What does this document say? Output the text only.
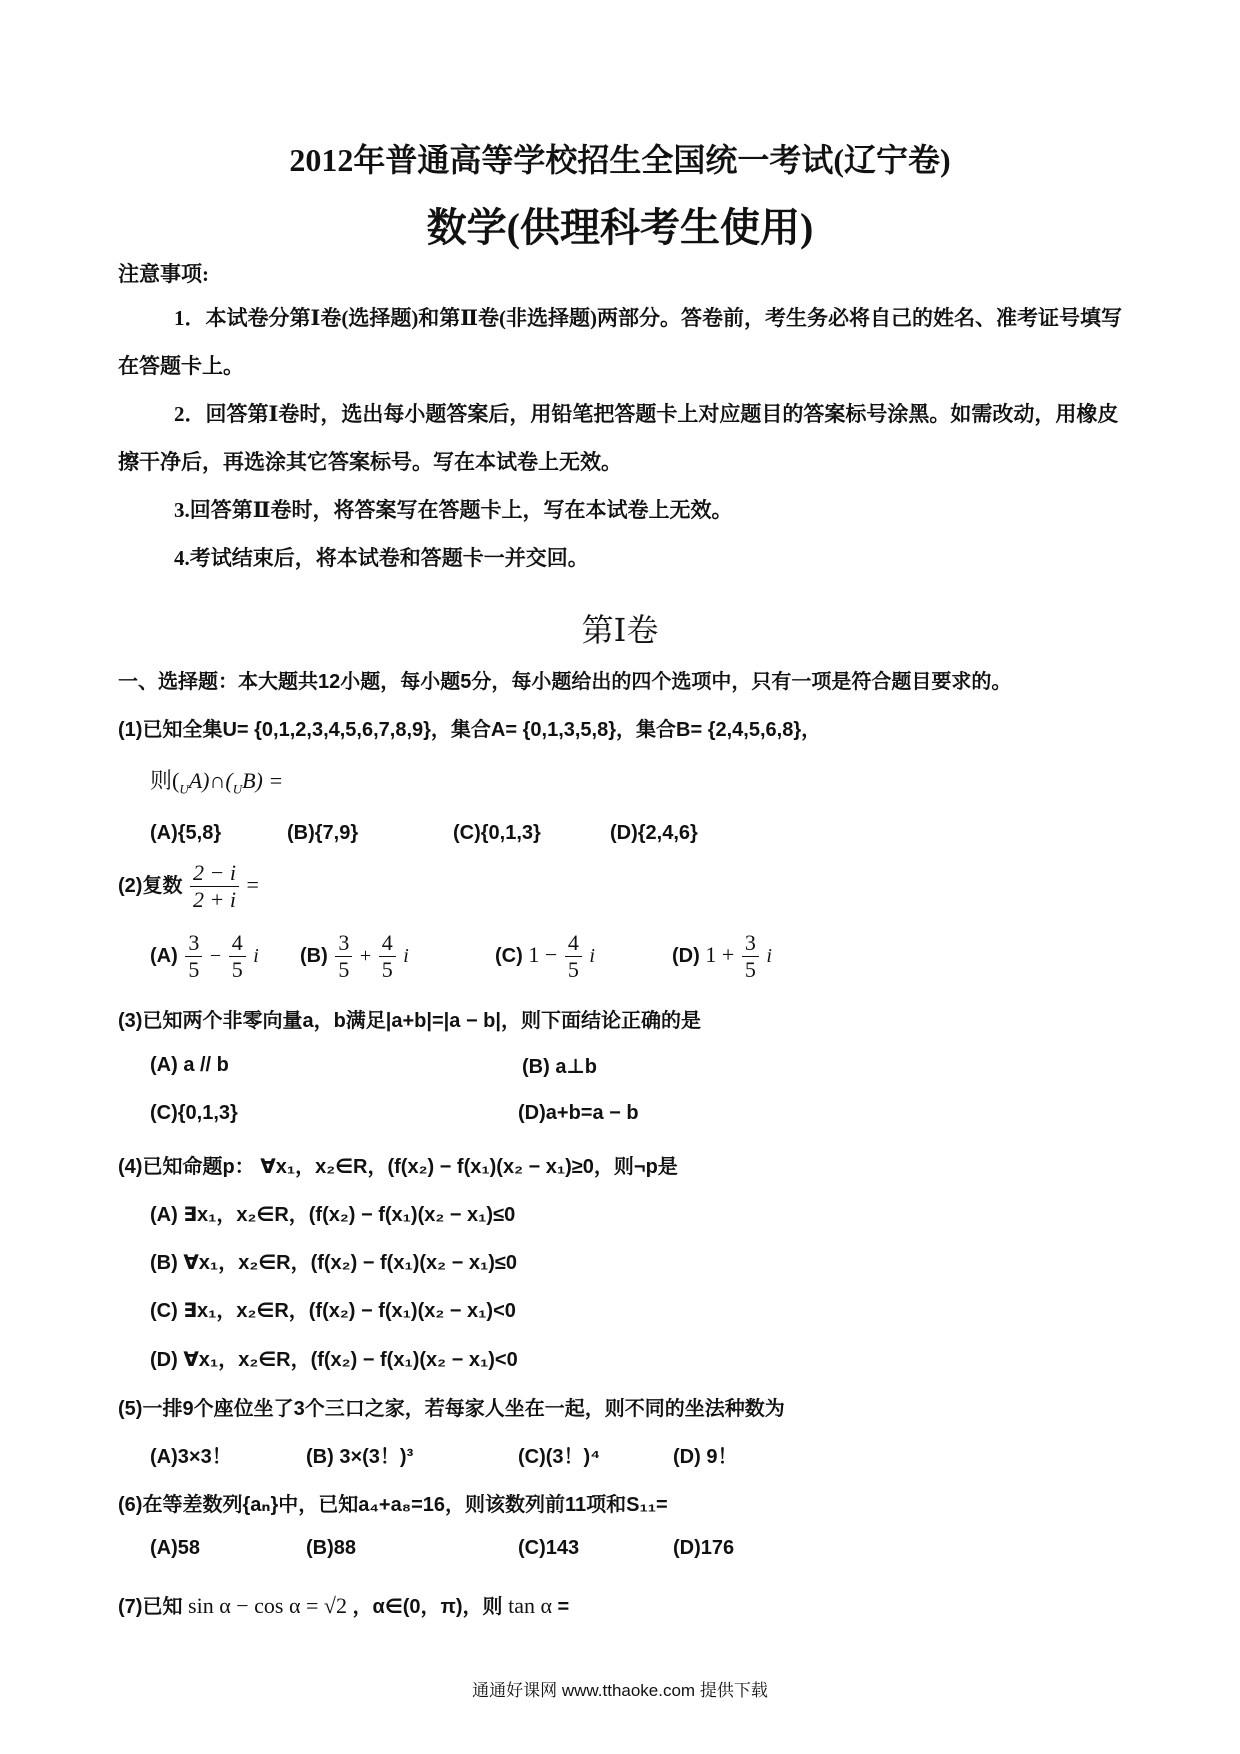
2012年普通高等学校招生全国统一考试(辽宁卷)
数学(供理科考生使用)
注意事项:
1．本试卷分第Ⅰ卷(选择题)和第Ⅱ卷(非选择题)两部分。答卷前，考生务必将自己的姓名、准考证号填写在答题卡上。
2．回答第Ⅰ卷时，选出每小题答案后，用铅笔把答题卡上对应题目的答案标号涂黑。如需改动，用橡皮擦干净后，再选涂其它答案标号。写在本试卷上无效。
3.回答第Ⅱ卷时，将答案写在答题卡上，写在本试卷上无效。
4.考试结束后，将本试卷和答题卡一并交回。
第Ⅰ卷
一、选择题：本大题共12小题，每小题5分，每小题给出的四个选项中，只有一项是符合题目要求的。
(1)已知全集U= {0,1,2,3,4,5,6,7,8,9}，集合A= {0,1,3,5,8}，集合B= {2,4,5,6,8}，
则$(_UA)\cap(_UB)$ =
(A){5,8}	(B){7,9}	(C){0,1,3}	(D){2,4,6}
(2)复数 $\frac{2 - i}{2 + i}$ =
$(A) \frac{3}{5} - \frac{4}{5}$ i $(B) \frac{3}{5} + \frac{4}{5}$ i	(C) $1 - \frac{4}{5}$ i	(D) $1 + \frac{3}{5}$ i
(3)已知两个非零向量a，b满足|a+b|=|a − b|，则下面结论正确的是
(A) a // b	(B) a⊥b
(C){0,1,3}	(D)a+b=a − b
(4)已知命题p： ∀x₁，x₂∈R，(f(x₂) − f(x₁)(x₂ − x₁)≥0，则¬p是
(A) ∃x₁，x₂∈R，(f(x₂) − f(x₁)(x₂ − x₁)≤0
(B) ∀x₁，x₂∈R，(f(x₂) − f(x₁)(x₂ − x₁)≤0
(C) ∃x₁，x₂∈R，(f(x₂) − f(x₁)(x₂ − x₁)<0
(D) ∀x₁，x₂∈R，(f(x₂) − f(x₁)(x₂ − x₁)<0
(5)一排9个座位坐了3个三口之家，若每家人坐在一起，则不同的坐法种数为
(A)3×3！	(B) 3×(3！)³	(C)(3！)⁴	(D) 9！
(6)在等差数列{aₙ}中，已知a₄+a₈=16，则该数列前11项和S₁₁=
(A)58	(B)88	(C)143	(D)176
(7)已知 sin α − cos α = √2 ，α∈(0，π)，则 tan α =
通通好课网 www.tthaoke.com 提供下载
